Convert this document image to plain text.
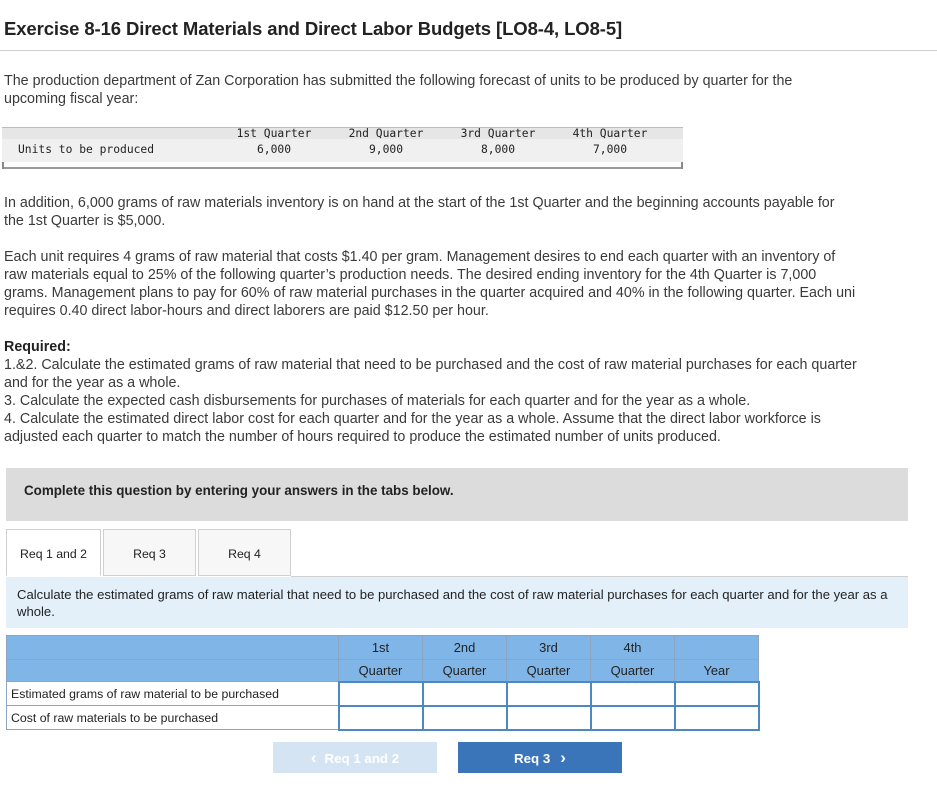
Exercise 8-16 Direct Materials and Direct Labor Budgets [LO8-4, LO8-5]
The production department of Zan Corporation has submitted the following forecast of units to be produced by quarter for the
upcoming fiscal year:
1st Quarter	2nd Quarter	3rd Quarter	4th Quarter
Units to be produced	6,000	9,000	8,000	7,000
In addition, 6,000 grams of raw materials inventory is on hand at the start of the 1st Quarter and the beginning accounts payable for
the 1st Quarter is $5,000.
Each unit requires 4 grams of raw material that costs $1.40 per gram. Management desires to end each quarter with an inventory of
raw materials equal to 25% of the following quarter’s production needs. The desired ending inventory for the 4th Quarter is 7,000
grams. Management plans to pay for 60% of raw material purchases in the quarter acquired and 40% in the following quarter. Each uni
requires 0.40 direct labor-hours and direct laborers are paid $12.50 per hour.
Required:
1.&2. Calculate the estimated grams of raw material that need to be purchased and the cost of raw material purchases for each quarter
and for the year as a whole.
3. Calculate the expected cash disbursements for purchases of materials for each quarter and for the year as a whole.
4. Calculate the estimated direct labor cost for each quarter and for the year as a whole. Assume that the direct labor workforce is
adjusted each quarter to match the number of hours required to produce the estimated number of units produced.
Complete this question by entering your answers in the tabs below.
Req 1 and 2	Req 3	Req 4
Calculate the estimated grams of raw material that need to be purchased and the cost of raw material purchases for each quarter and for the year as a whole.
	1st	2nd	3rd	4th	
	Quarter	Quarter	Quarter	Quarter	Year
Estimated grams of raw material to be purchased					
Cost of raw materials to be purchased					
‹ Req 1 and 2	Req 3 ›
